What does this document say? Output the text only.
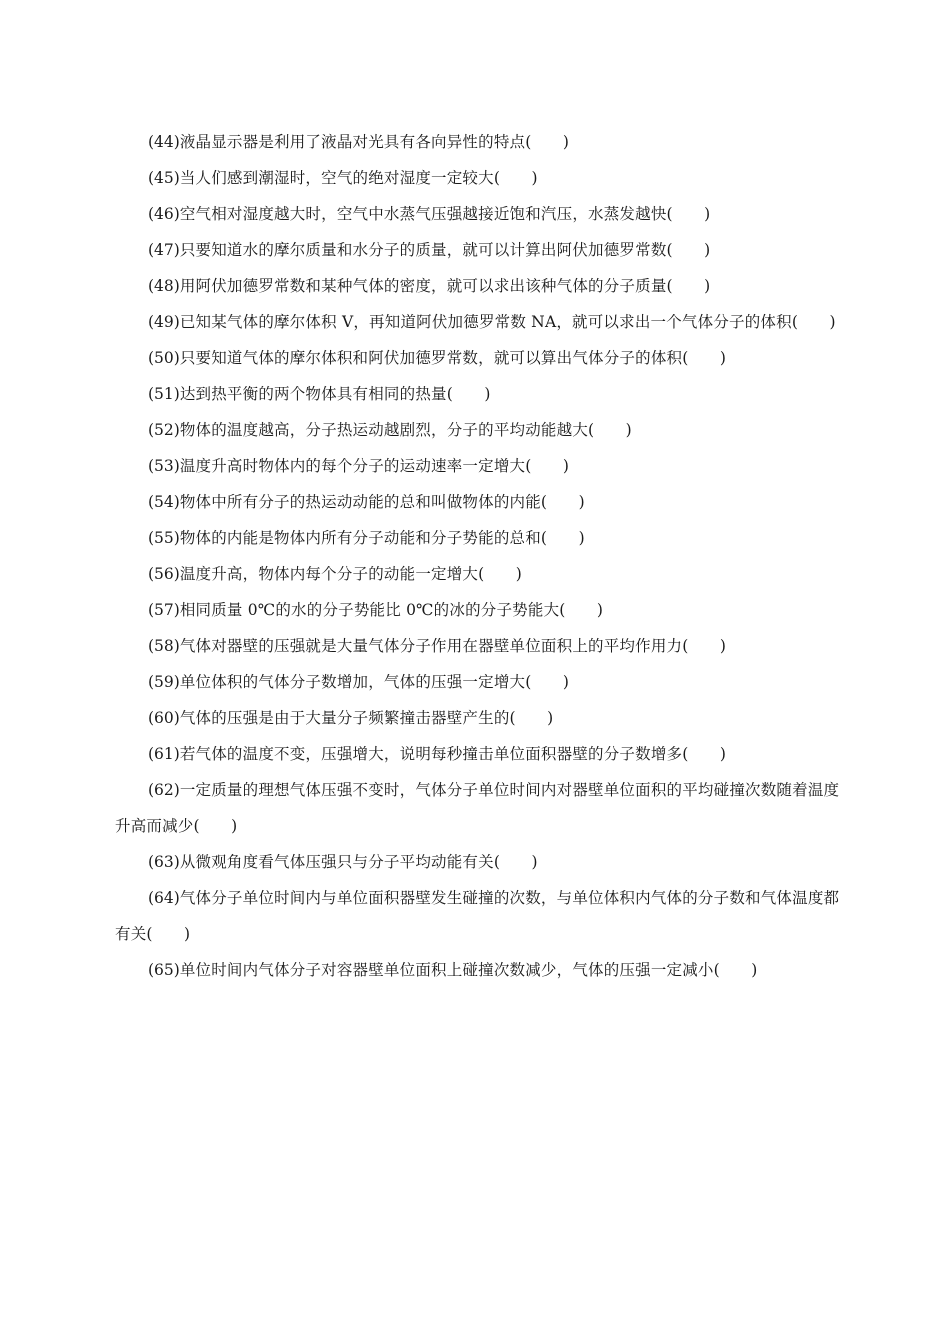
(44)液晶显示器是利用了液晶对光具有各向异性的特点(　　)
(45)当人们感到潮湿时，空气的绝对湿度一定较大(　　)
(46)空气相对湿度越大时，空气中水蒸气压强越接近饱和汽压，水蒸发越快(　　)
(47)只要知道水的摩尔质量和水分子的质量，就可以计算出阿伏加德罗常数(　　)
(48)用阿伏加德罗常数和某种气体的密度，就可以求出该种气体的分子质量(　　)
(49)已知某气体的摩尔体积 V，再知道阿伏加德罗常数 NA，就可以求出一个气体分子的体积(　　)
(50)只要知道气体的摩尔体积和阿伏加德罗常数，就可以算出气体分子的体积(　　)
(51)达到热平衡的两个物体具有相同的热量(　　)
(52)物体的温度越高，分子热运动越剧烈，分子的平均动能越大(　　)
(53)温度升高时物体内的每个分子的运动速率一定增大(　　)
(54)物体中所有分子的热运动动能的总和叫做物体的内能(　　)
(55)物体的内能是物体内所有分子动能和分子势能的总和(　　)
(56)温度升高，物体内每个分子的动能一定增大(　　)
(57)相同质量 0℃的水的分子势能比 0℃的冰的分子势能大(　　)
(58)气体对器壁的压强就是大量气体分子作用在器壁单位面积上的平均作用力(　　)
(59)单位体积的气体分子数增加，气体的压强一定增大(　　)
(60)气体的压强是由于大量分子频繁撞击器壁产生的(　　)
(61)若气体的温度不变，压强增大，说明每秒撞击单位面积器壁的分子数增多(　　)
(62)一定质量的理想气体压强不变时，气体分子单位时间内对器壁单位面积的平均碰撞次数随着温度升高而减少(　　)
(63)从微观角度看气体压强只与分子平均动能有关(　　)
(64)气体分子单位时间内与单位面积器壁发生碰撞的次数，与单位体积内气体的分子数和气体温度都有关(　　)
(65)单位时间内气体分子对容器壁单位面积上碰撞次数减少，气体的压强一定减小(　　)
